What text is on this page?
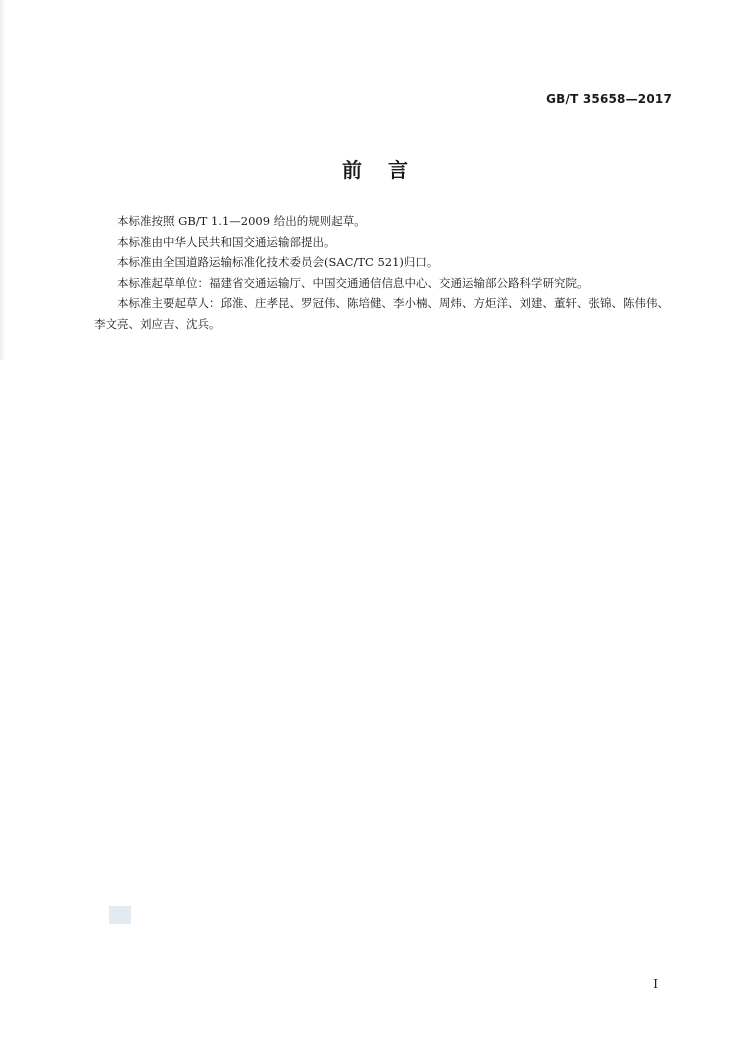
GB/T 35658—2017
前言

本标准按照 GB/T 1.1—2009 给出的规则起草。

本标准由中华人民共和国交通运输部提出。

本标准由全国道路运输标准化技术委员会(SAC/TC 521)归口。

本标准起草单位：福建省交通运输厅、中国交通通信信息中心、交通运输部公路科学研究院。

本标准主要起草人：邱淮、庄孝昆、罗冠伟、陈培健、李小楠、周炜、方炬洋、刘建、董轩、张锦、陈伟伟、李文亮、刘应吉、沈兵。

I
